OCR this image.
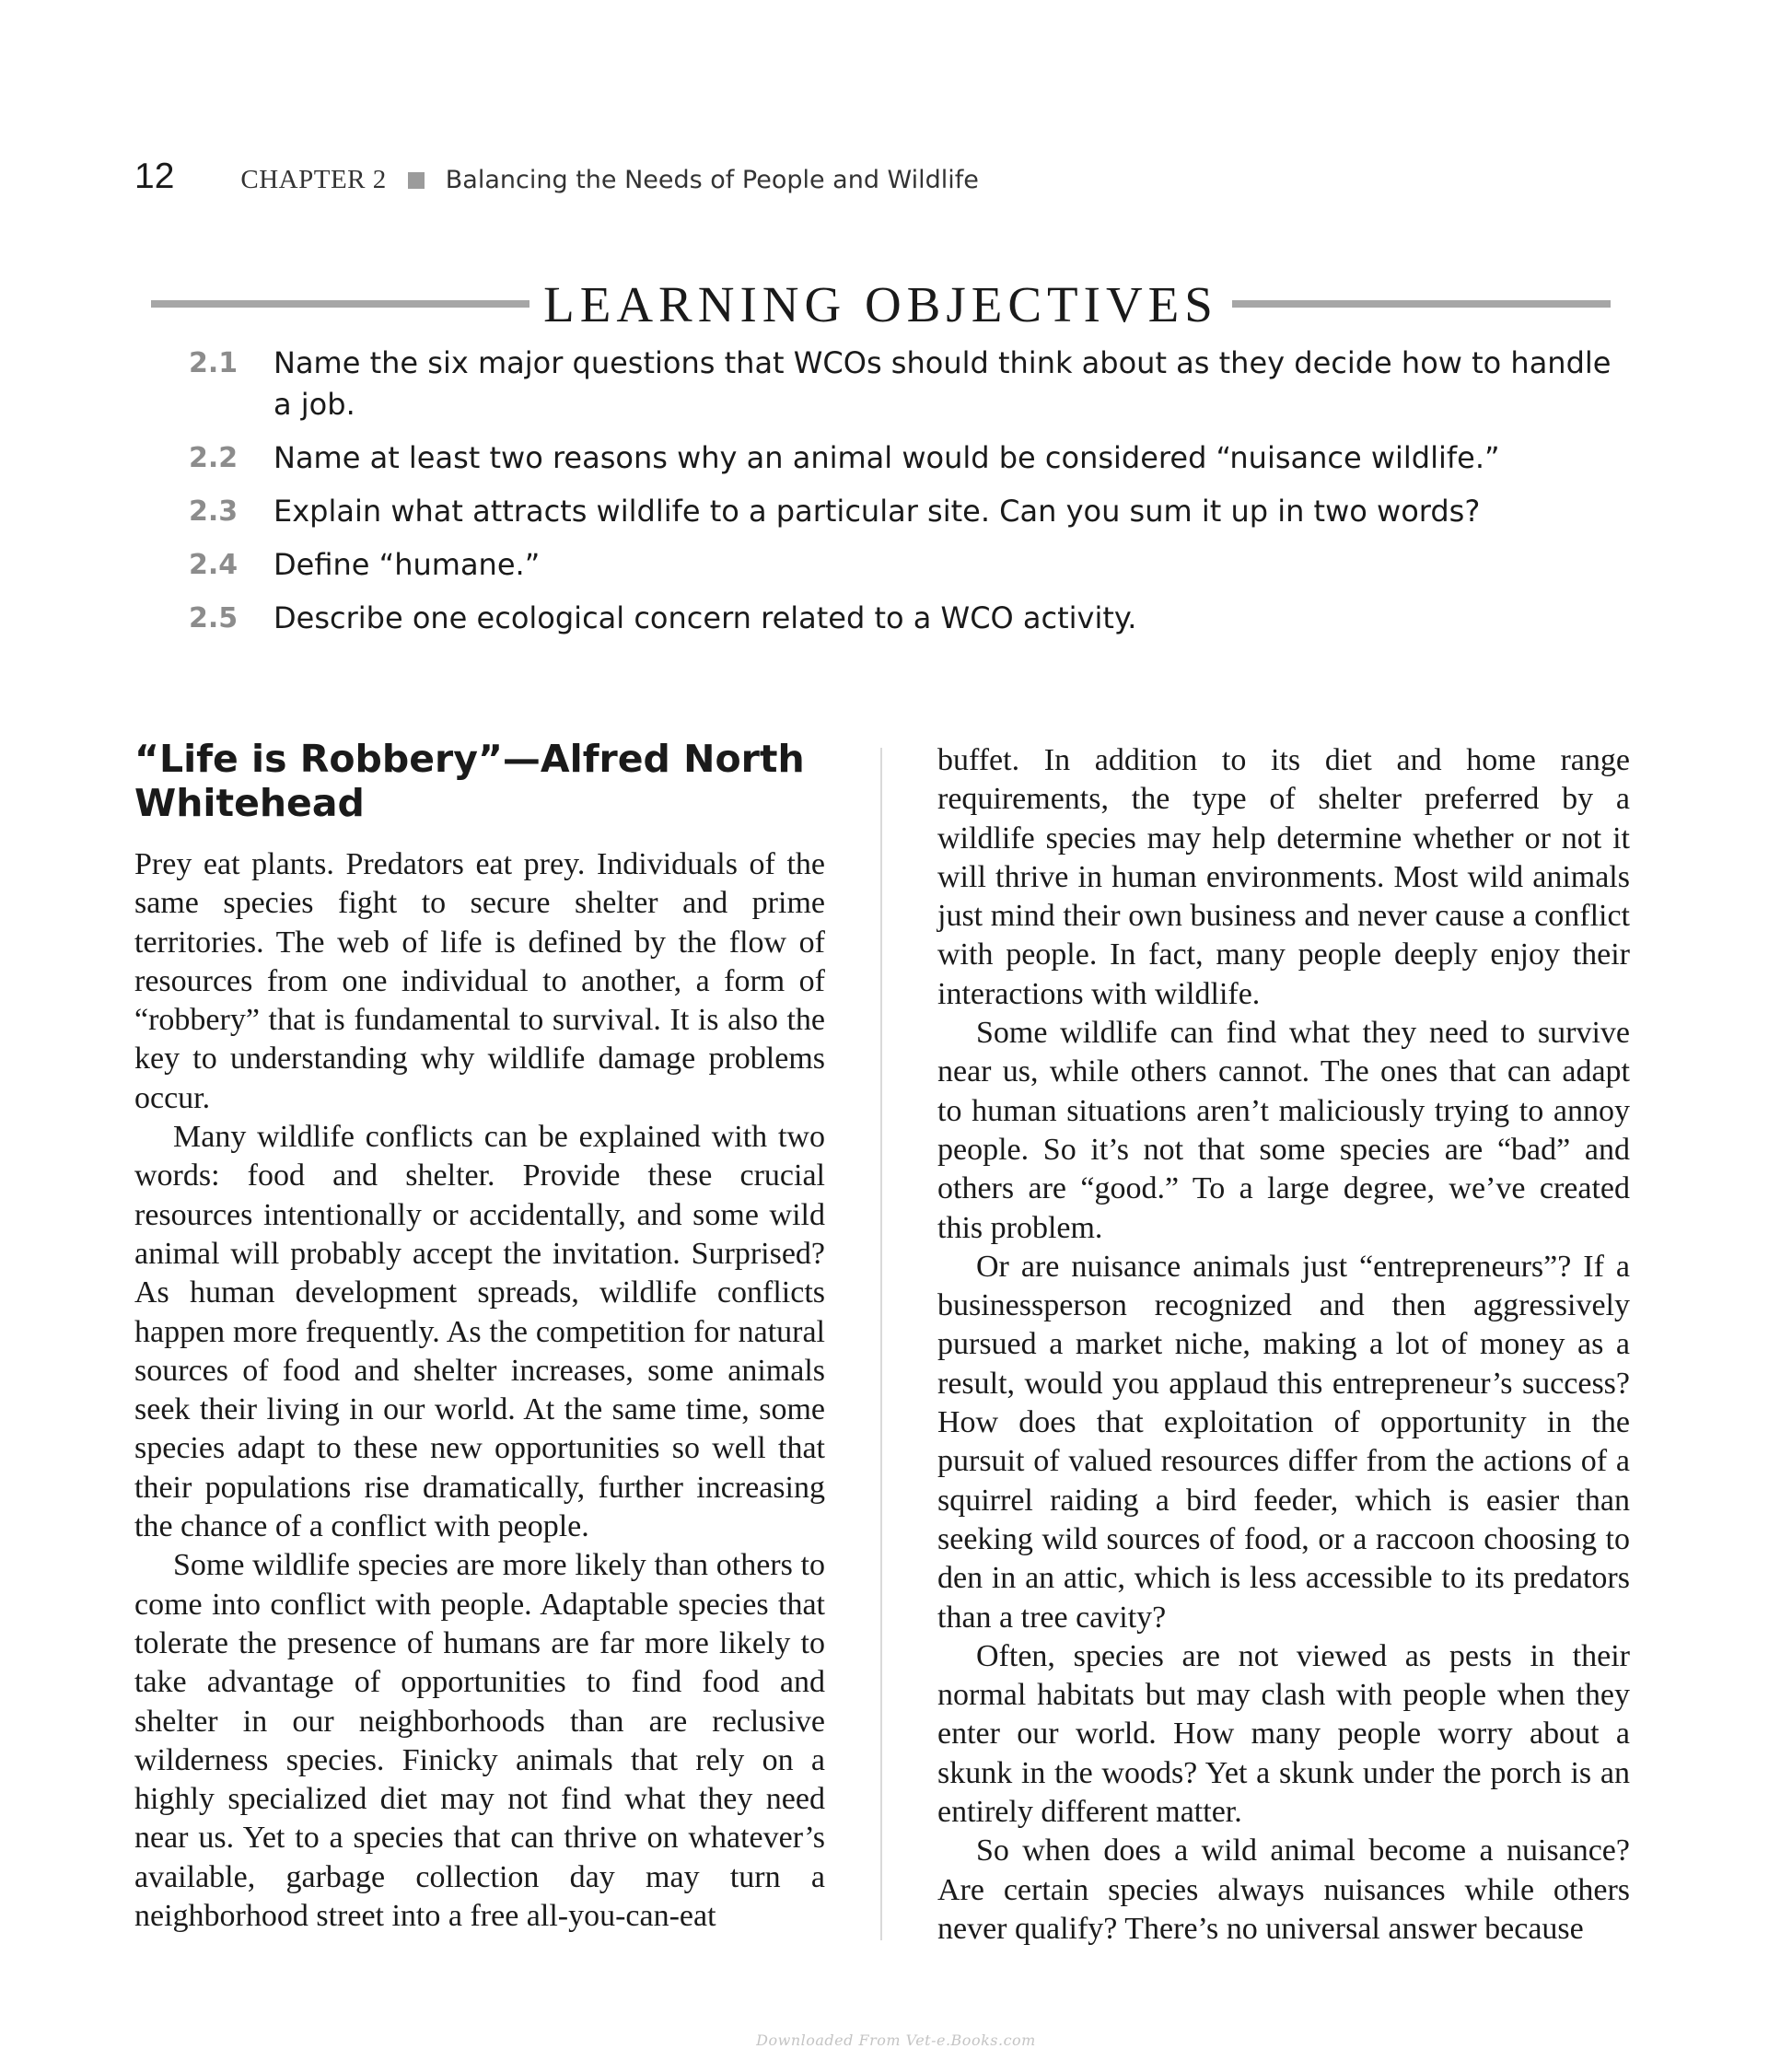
12 CHAPTER 2 Balancing the Needs of People and Wildlife
LEARNING OBJECTIVES
2.1	Name the six major questions that WCOs should think about as they decide how to handle a job.
2.2	Name at least two reasons why an animal would be considered “nuisance wildlife.”
2.3	Explain what attracts wildlife to a particular site. Can you sum it up in two words?
2.4	Define “humane.”
2.5	Describe one ecological concern related to a WCO activity.
“Life is Robbery”—Alfred North Whitehead

Prey eat plants. Predators eat prey. Individuals of the same species fight to secure shelter and prime territories. The web of life is defined by the flow of resources from one individual to another, a form of “robbery” that is fundamental to survival. It is also the key to understanding why wildlife damage problems occur.

Many wildlife conflicts can be explained with two words: food and shelter. Provide these crucial resources intentionally or accidentally, and some wild animal will probably accept the invitation. Surprised? As human development spreads, wildlife conflicts happen more frequently. As the competition for natural sources of food and shelter increases, some animals seek their living in our world. At the same time, some species adapt to these new opportunities so well that their populations rise dramatically, further increasing the chance of a conflict with people.

Some wildlife species are more likely than others to come into conflict with people. Adaptable species that tolerate the presence of humans are far more likely to take advantage of opportunities to find food and shelter in our neighborhoods than are reclusive wilderness species. Finicky animals that rely on a highly specialized diet may not find what they need near us. Yet to a species that can thrive on whatever’s available, garbage collection day may turn a neighborhood street into a free all-you-can-eat

buffet. In addition to its diet and home range requirements, the type of shelter preferred by a wildlife species may help determine whether or not it will thrive in human environments. Most wild animals just mind their own business and never cause a conflict with people. In fact, many people deeply enjoy their interactions with wildlife.

Some wildlife can find what they need to survive near us, while others cannot. The ones that can adapt to human situations aren’t maliciously trying to annoy people. So it’s not that some species are “bad” and others are “good.” To a large degree, we’ve created this problem.

Or are nuisance animals just “entrepreneurs”? If a businessperson recognized and then aggressively pursued a market niche, making a lot of money as a result, would you applaud this entrepreneur’s success? How does that exploitation of opportunity in the pursuit of valued resources differ from the actions of a squirrel raiding a bird feeder, which is easier than seeking wild sources of food, or a raccoon choosing to den in an attic, which is less accessible to its predators than a tree cavity?

Often, species are not viewed as pests in their normal habitats but may clash with people when they enter our world. How many people worry about a skunk in the woods? Yet a skunk under the porch is an entirely different matter.

So when does a wild animal become a nuisance? Are certain species always nuisances while others never qualify? There’s no universal answer because

Downloaded From Vet-e.Books.com
